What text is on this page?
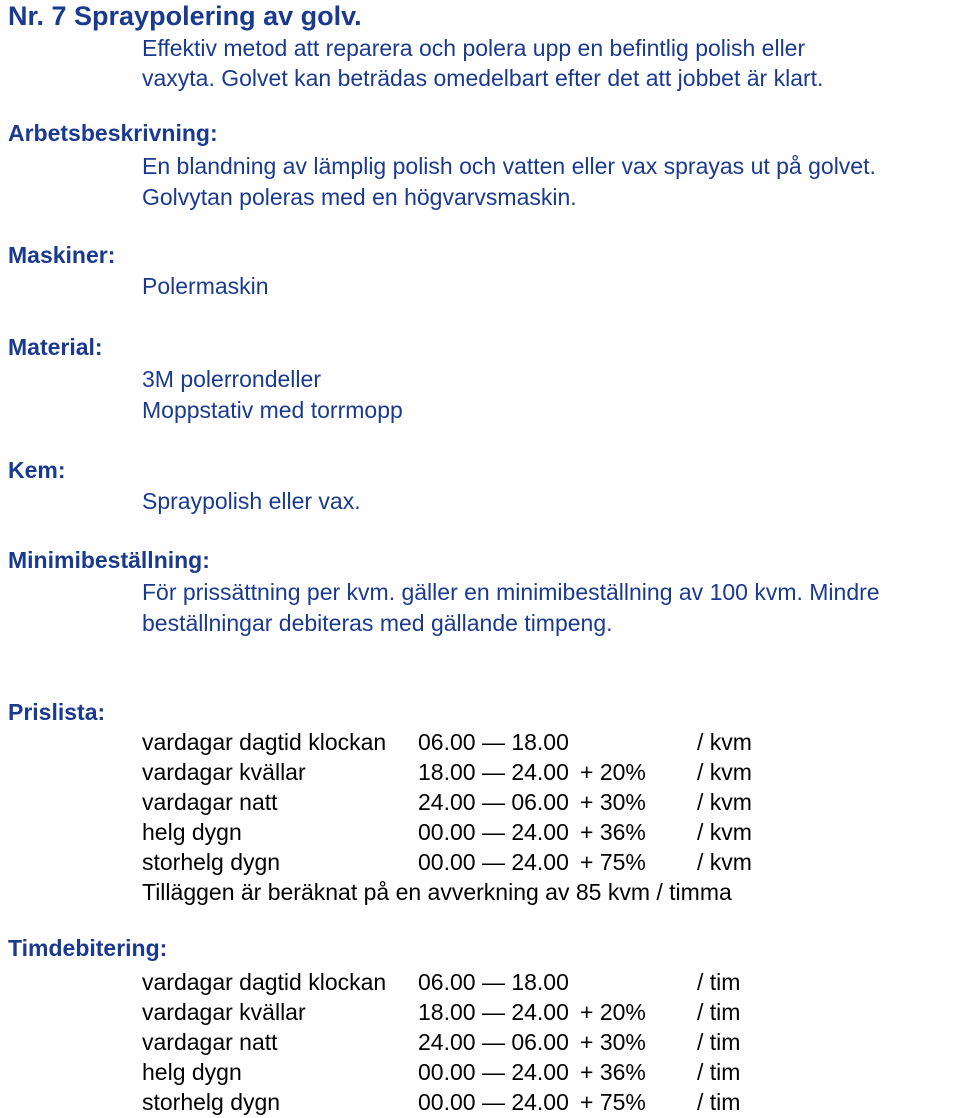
Nr. 7 Spraypolering av golv.
Effektiv metod att reparera och polera upp en befintlig polish eller
vaxyta. Golvet kan beträdas omedelbart efter det att jobbet är klart.
Arbetsbeskrivning:
En blandning av lämplig polish och vatten eller vax sprayas ut på golvet.
Golvytan poleras med en högvarvsmaskin.
Maskiner:
Polermaskin
Material:
3M polerrondeller
Moppstativ med torrmopp
Kem:
Spraypolish eller vax.
Minimibeställning:
För prissättning per kvm. gäller en minimibeställning av 100 kvm. Mindre
beställningar debiteras med gällande timpeng.
Prislista:
vardagar dagtid klockan 06.00 — 18.00	/ kvm
vardagar kvällar	18.00 — 24.00 + 20% / kvm
vardagar natt	24.00 — 06.00 + 30% / kvm
helg dygn	00.00 — 24.00 + 36% / kvm
storhelg dygn	00.00 — 24.00 + 75% / kvm
Tilläggen är beräknat på en avverkning av 85 kvm / timma
Timdebitering:
vardagar dagtid klockan 06.00 — 18.00	/ tim
vardagar kvällar	18.00 — 24.00 + 20% / tim
vardagar natt	24.00 — 06.00 + 30% / tim
helg dygn	00.00 — 24.00 + 36% / tim
storhelg dygn	00.00 — 24.00 + 75% / tim
